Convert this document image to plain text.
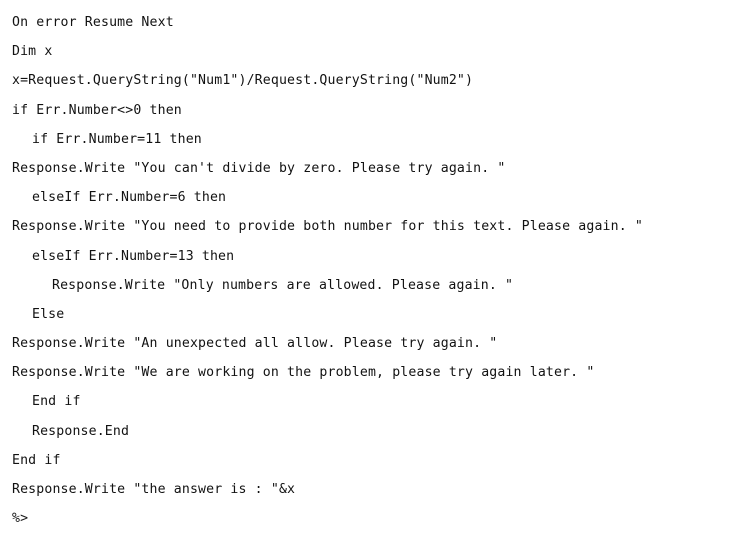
On error Resume Next
Dim x
x=Request.QueryString("Num1")/Request.QueryString("Num2")
if Err.Number<>0 then
if Err.Number=11 then
Response.Write "You can't divide by zero. Please try again. "
elseIf Err.Number=6 then
Response.Write "You need to provide both number for this text. Please again. "
elseIf Err.Number=13 then
Response.Write "Only numbers are allowed. Please again. "
Else
Response.Write "An unexpected all allow. Please try again. "
Response.Write "We are working on the problem, please try again later. "
End if
Response.End
End if
Response.Write "the answer is : "&x
%>
